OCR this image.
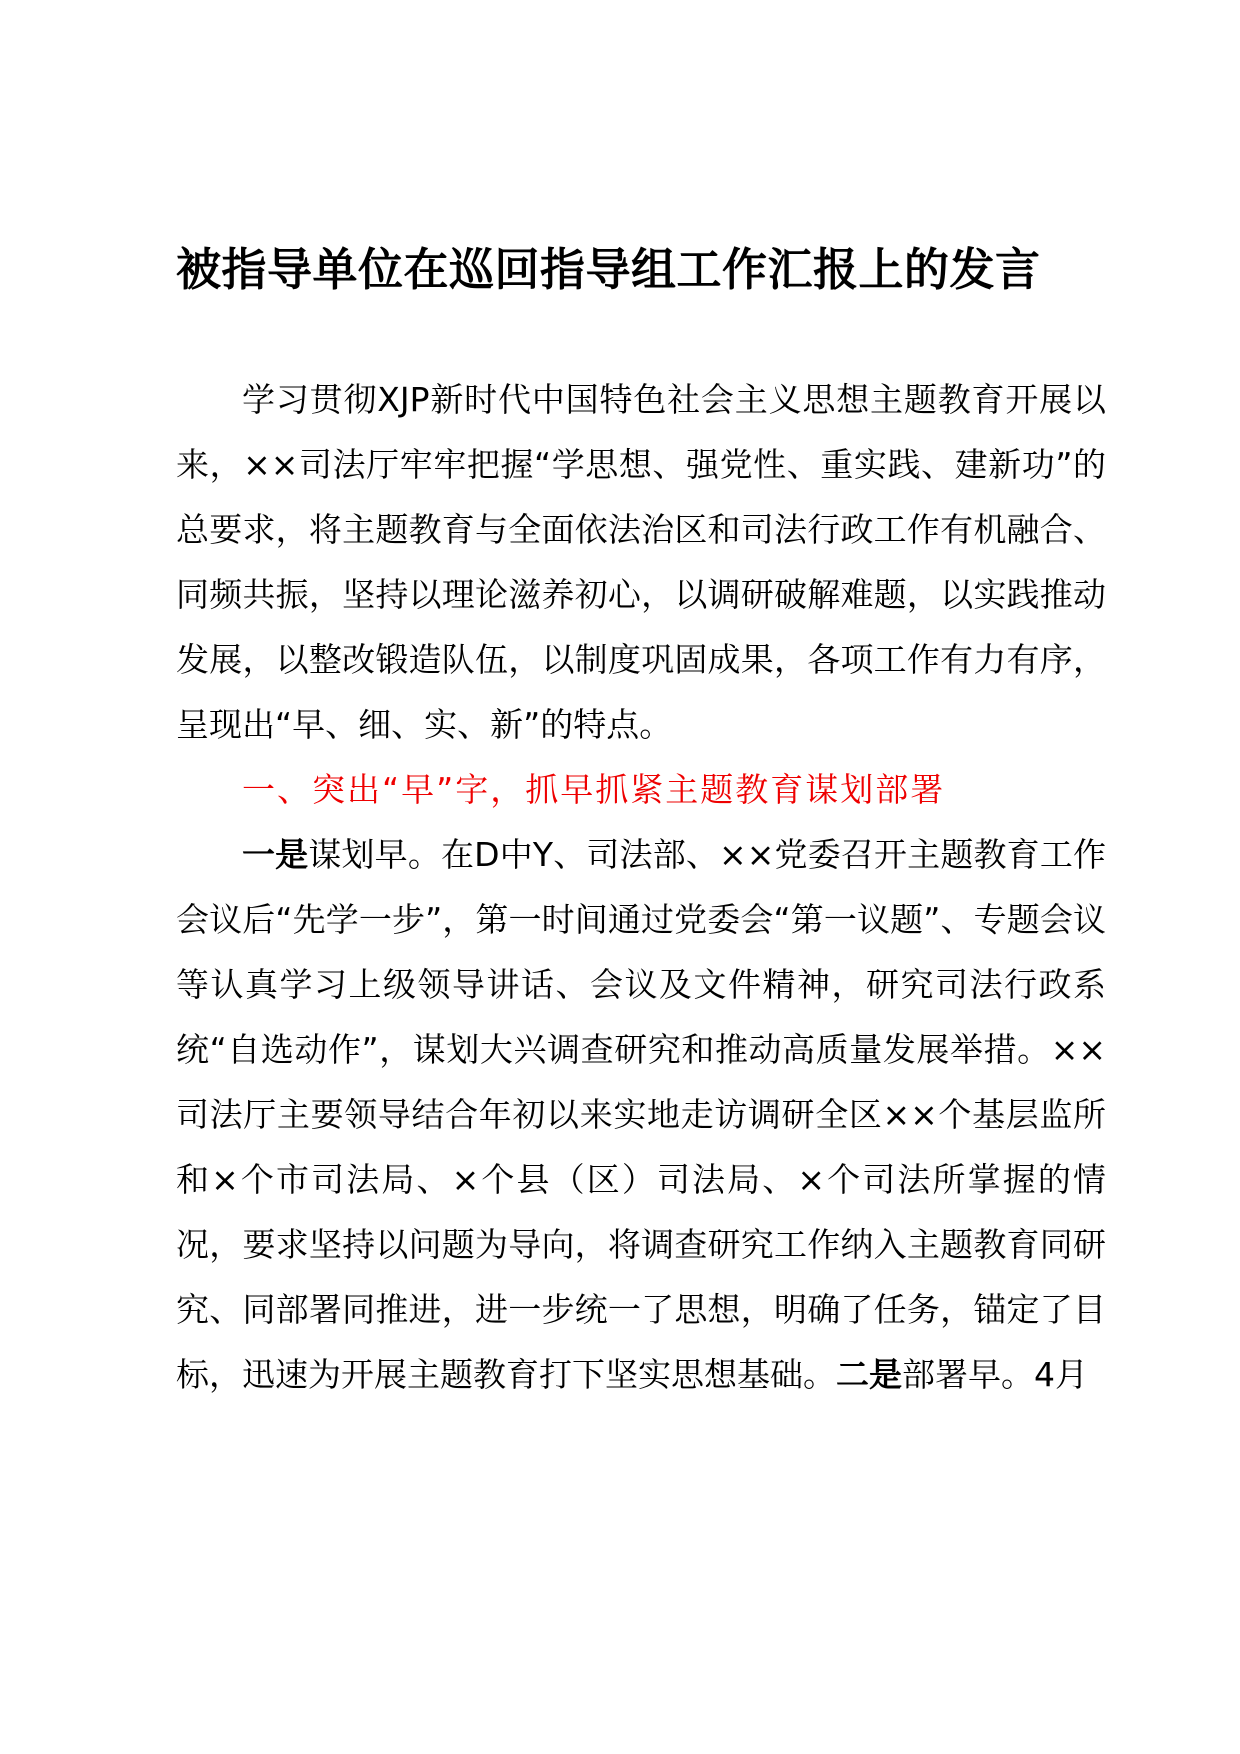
被指导单位在巡回指导组工作汇报上的发言

学习贯彻XJP新时代中国特色社会主义思想主题教育开展以来，××司法厅牢牢把握“学思想、强党性、重实践、建新功”的总要求，将主题教育与全面依法治区和司法行政工作有机融合、同频共振，坚持以理论滋养初心，以调研破解难题，以实践推动发展，以整改锻造队伍，以制度巩固成果，各项工作有力有序，呈现出“早、细、实、新”的特点。

一、突出“早”字，抓早抓紧主题教育谋划部署

一是谋划早。在D中Y、司法部、××党委召开主题教育工作会议后“先学一步”，第一时间通过党委会“第一议题”、专题会议等认真学习上级领导讲话、会议及文件精神，研究司法行政系统“自选动作”，谋划大兴调查研究和推动高质量发展举措。××司法厅主要领导结合年初以来实地走访调研全区××个基层监所和×个市司法局、×个县（区）司法局、×个司法所掌握的情况，要求坚持以问题为导向，将调查研究工作纳入主题教育同研究、同部署同推进，进一步统一了思想，明确了任务，锚定了目标，迅速为开展主题教育打下坚实思想基础。二是部署早。4月
